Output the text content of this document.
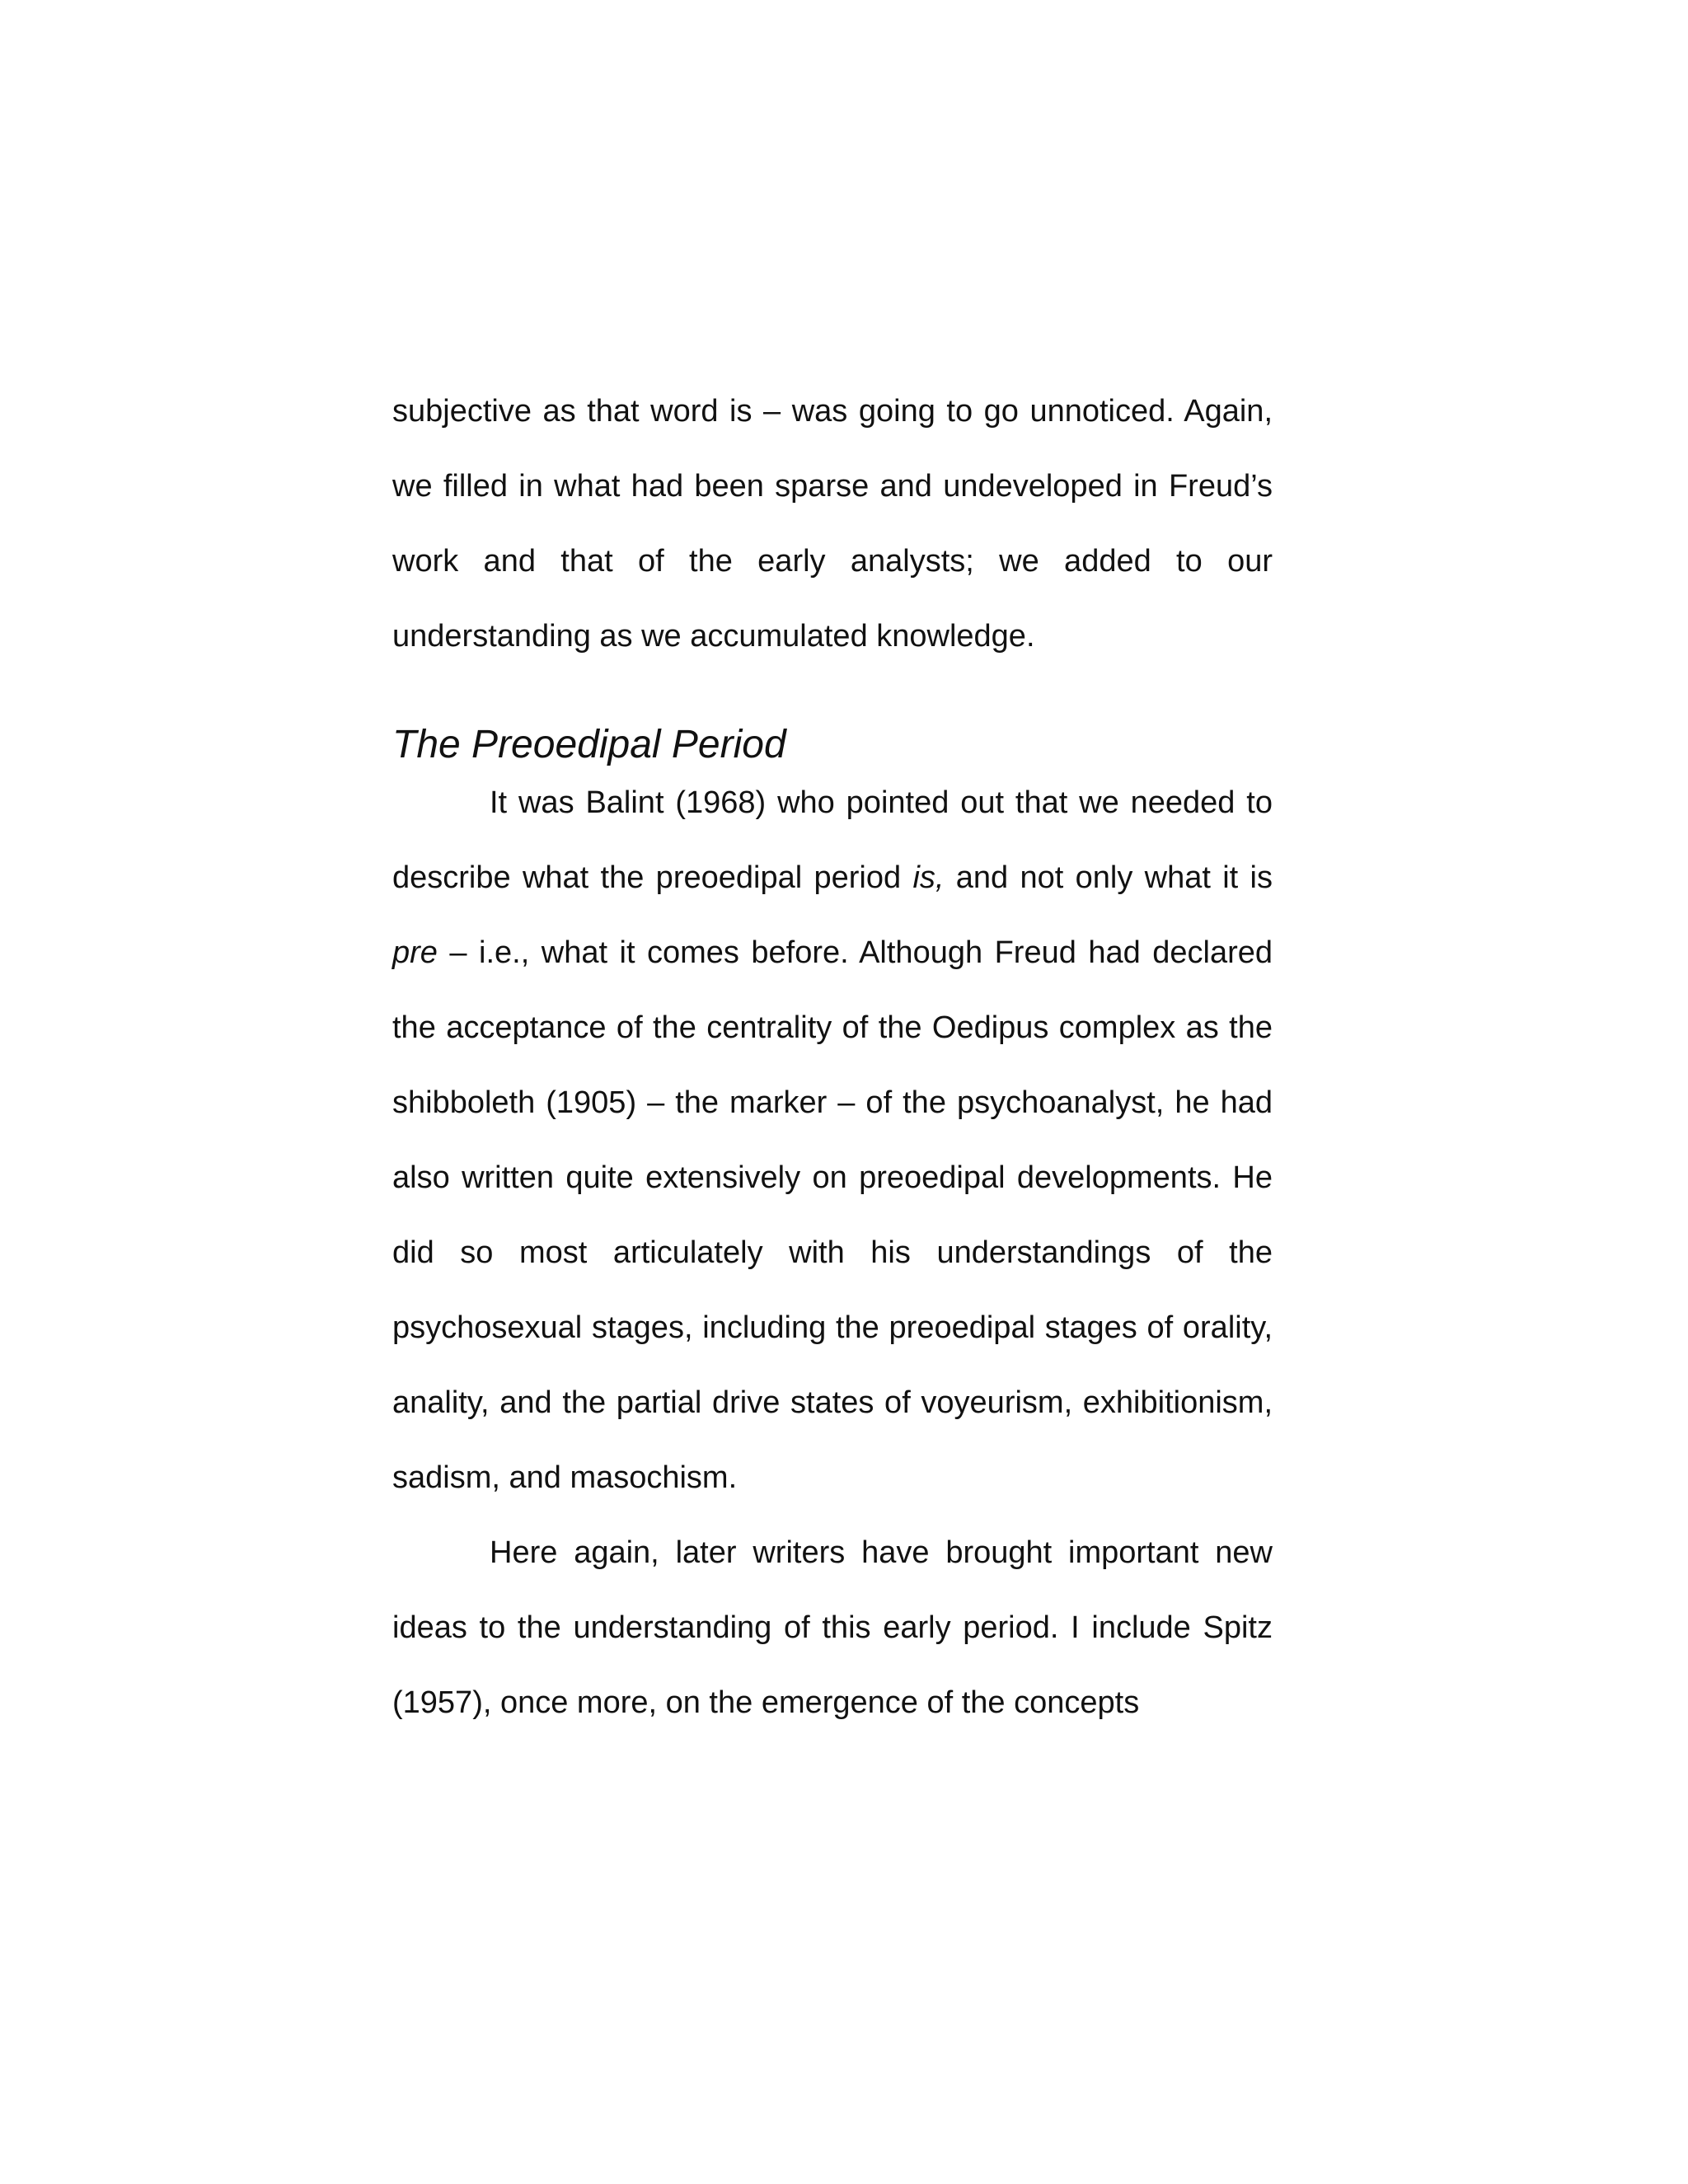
subjective as that word is – was going to go unnoticed. Again, we filled in what had been sparse and undeveloped in Freud’s work and that of the early analysts; we added to our understanding as we accumulated knowledge.

The Preoedipal Period

It was Balint (1968) who pointed out that we needed to describe what the preoedipal period is, and not only what it is pre – i.e., what it comes before. Although Freud had declared the acceptance of the centrality of the Oedipus complex as the shibboleth (1905) – the marker – of the psychoanalyst, he had also written quite extensively on preoedipal developments. He did so most articulately with his understandings of the psychosexual stages, including the preoedipal stages of orality, anality, and the partial drive states of voyeurism, exhibitionism, sadism, and masochism.

Here again, later writers have brought important new ideas to the understanding of this early period. I include Spitz (1957), once more, on the emergence of the concepts
